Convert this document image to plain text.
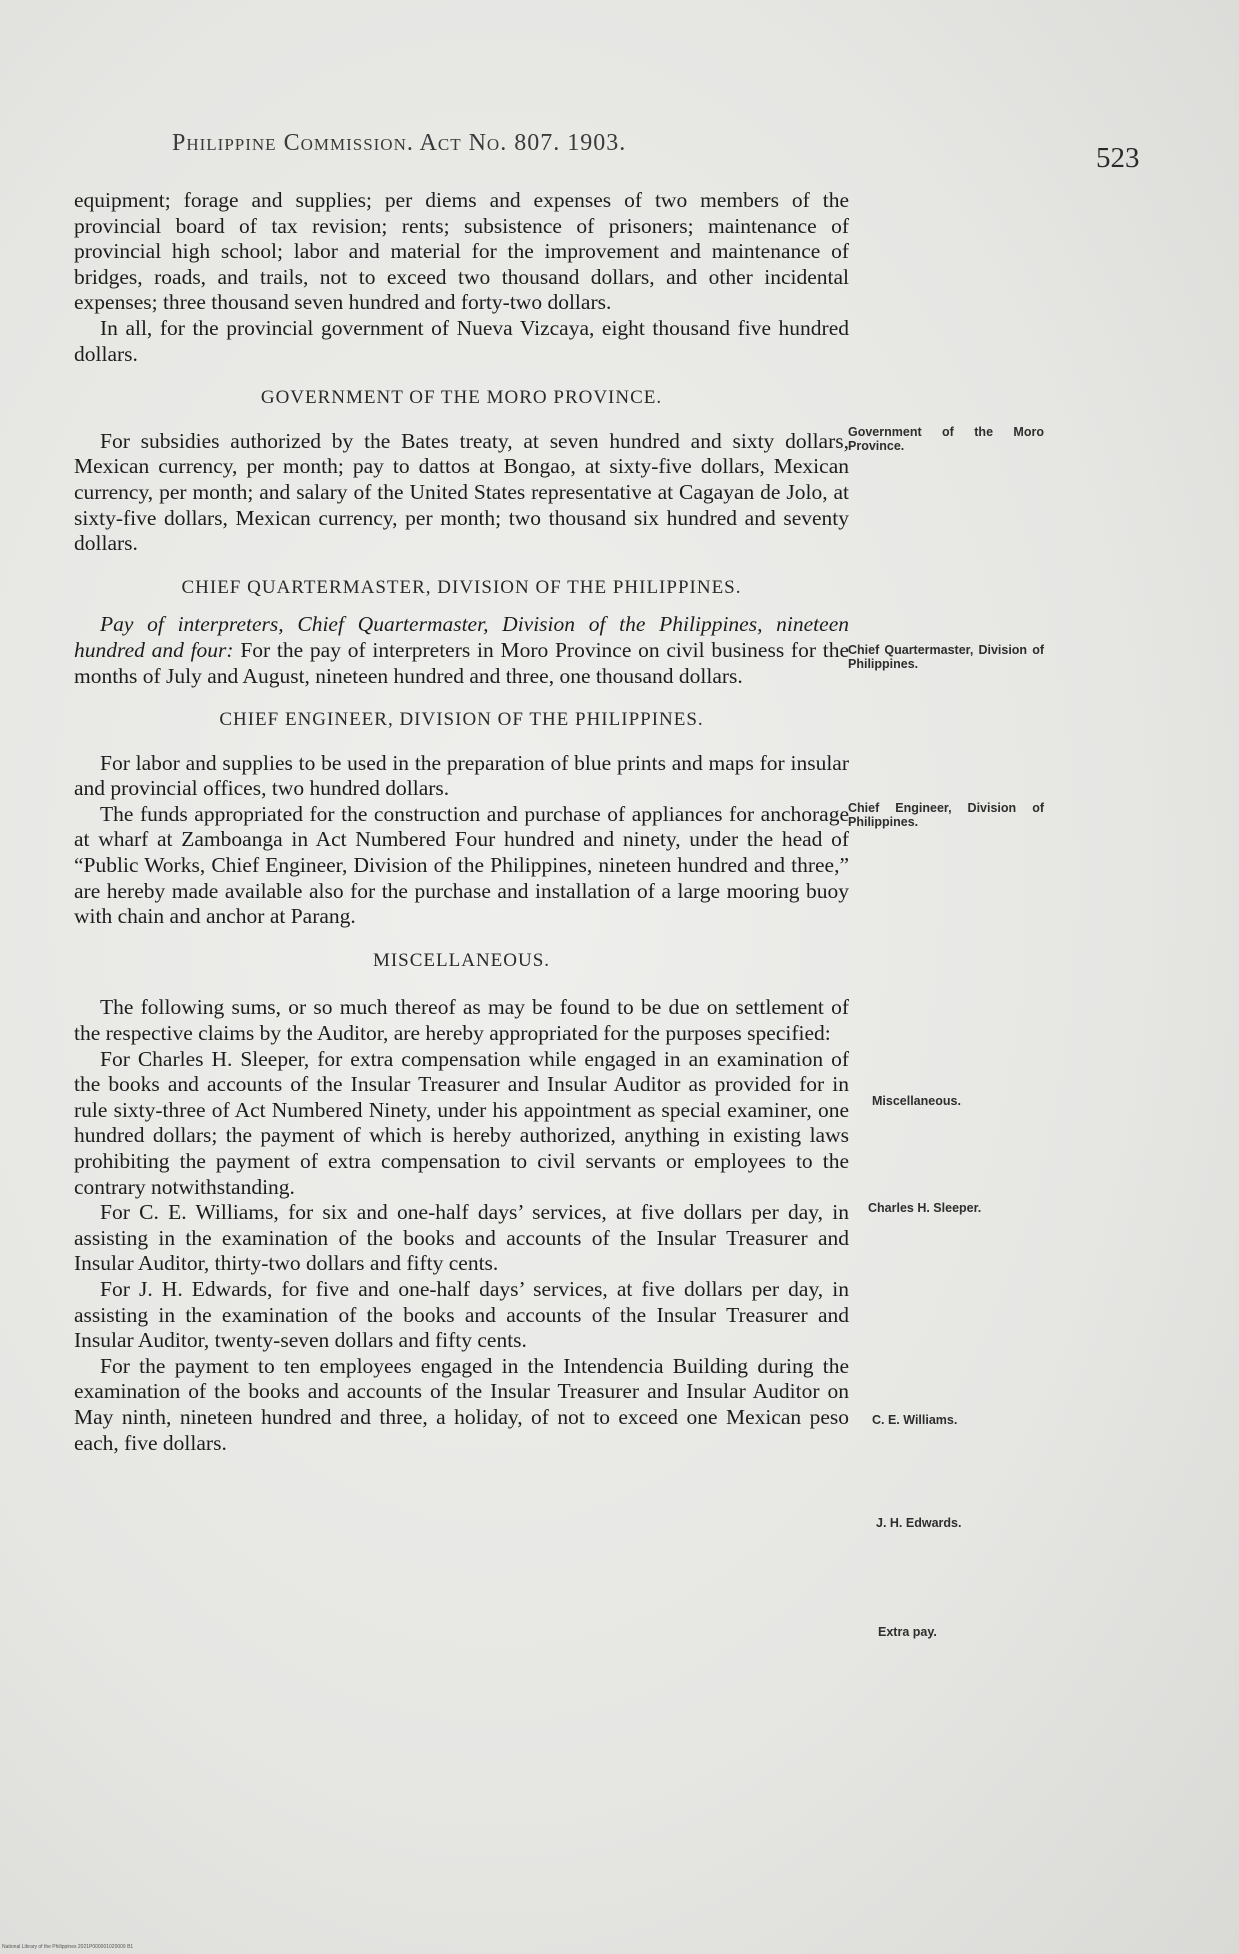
Philippine Commission. Act No. 807. 1903.	523

equipment; forage and supplies; per diems and expenses of two members of the provincial board of tax revision; rents; subsistence of prisoners; maintenance of provincial high school; labor and material for the improvement and maintenance of bridges, roads, and trails, not to exceed two thousand dollars, and other incidental expenses; three thousand seven hundred and forty-two dollars.

In all, for the provincial government of Nueva Vizcaya, eight thousand five hundred dollars.

GOVERNMENT OF THE MORO PROVINCE.

For subsidies authorized by the Bates treaty, at seven hundred and sixty dollars, Mexican currency, per month; pay to dattos at Bongao, at sixty-five dollars, Mexican currency, per month; and salary of the United States representative at Cagayan de Jolo, at sixty-five dollars, Mexican currency, per month; two thousand six hundred and seventy dollars.

CHIEF QUARTERMASTER, DIVISION OF THE PHILIPPINES.

Pay of interpreters, Chief Quartermaster, Division of the Philippines, nineteen hundred and four: For the pay of interpreters in Moro Province on civil business for the months of July and August, nineteen hundred and three, one thousand dollars.

CHIEF ENGINEER, DIVISION OF THE PHILIPPINES.

For labor and supplies to be used in the preparation of blue prints and maps for insular and provincial offices, two hundred dollars.

The funds appropriated for the construction and purchase of appliances for anchorage at wharf at Zamboanga in Act Numbered Four hundred and ninety, under the head of “Public Works, Chief Engineer, Division of the Philippines, nineteen hundred and three,” are hereby made available also for the purchase and installation of a large mooring buoy with chain and anchor at Parang.

MISCELLANEOUS.

The following sums, or so much thereof as may be found to be due on settlement of the respective claims by the Auditor, are hereby appropriated for the purposes specified:

For Charles H. Sleeper, for extra compensation while engaged in an examination of the books and accounts of the Insular Treasurer and Insular Auditor as provided for in rule sixty-three of Act Numbered Ninety, under his appointment as special examiner, one hundred dollars; the payment of which is hereby authorized, anything in existing laws prohibiting the payment of extra compensation to civil servants or employees to the contrary notwithstanding.

For C. E. Williams, for six and one-half days’ services, at five dollars per day, in assisting in the examination of the books and accounts of the Insular Treasurer and Insular Auditor, thirty-two dollars and fifty cents.

For J. H. Edwards, for five and one-half days’ services, at five dollars per day, in assisting in the examination of the books and accounts of the Insular Treasurer and Insular Auditor, twenty-seven dollars and fifty cents.

For the payment to ten employees engaged in the Intendencia Building during the examination of the books and accounts of the Insular Treasurer and Insular Auditor on May ninth, nineteen hundred and three, a holiday, of not to exceed one Mexican peso each, five dollars.

Government of the Moro Province.
Chief Quartermaster, Division of Philippines.
Chief Engineer, Division of Philippines.
Miscellaneous.
Charles H. Sleeper.
C. E. Williams.
J. H. Edwards.
Extra pay.
National Library of the Philippines 2021P000001020009 B1
